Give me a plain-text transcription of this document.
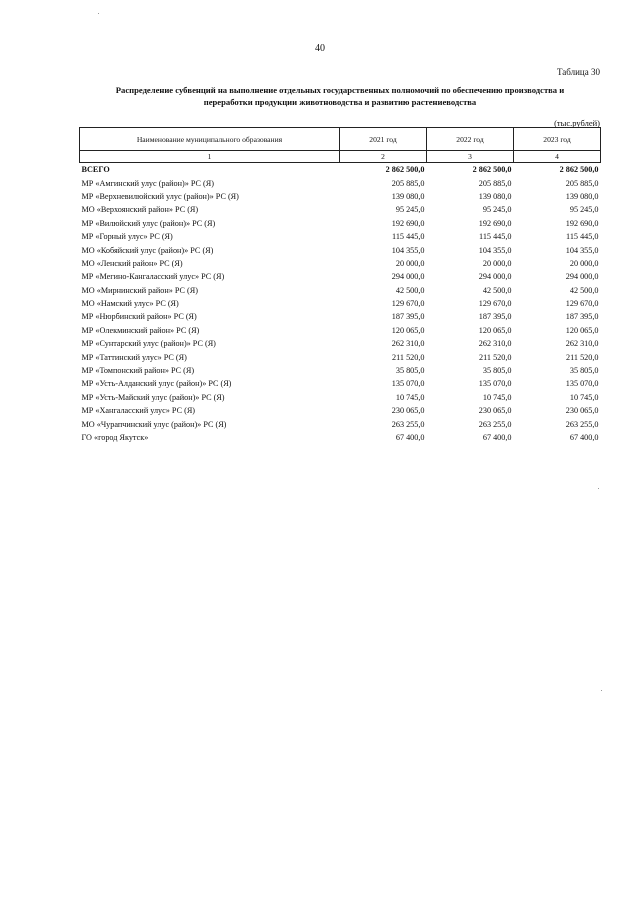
40
Таблица 30
Распределение субвенций на выполнение отдельных государственных полномочий по обеспечению производства и
переработки продукции животноводства и развитию растениеводства
(тыс.рублей)
Наименование муниципального образования	2021 год	2022 год	2023 год
1	2	3	4
ВСЕГО	2 862 500,0	2 862 500,0	2 862 500,0
МР «Амгинский улус (район)» РС (Я)	205 885,0	205 885,0	205 885,0
МР «Верхневилюйский улус (район)» РС (Я)	139 080,0	139 080,0	139 080,0
МО «Верхоянский район» РС (Я)	95 245,0	95 245,0	95 245,0
МР «Вилюйский улус (район)» РС (Я)	192 690,0	192 690,0	192 690,0
МР «Горный улус» РС (Я)	115 445,0	115 445,0	115 445,0
МО «Кобяйский улус (район)» РС (Я)	104 355,0	104 355,0	104 355,0
МО «Ленский район» РС (Я)	20 000,0	20 000,0	20 000,0
МР «Мегино-Кангаласский улус» РС (Я)	294 000,0	294 000,0	294 000,0
МО «Мирнинский район» РС (Я)	42 500,0	42 500,0	42 500,0
МО «Намский улус» РС (Я)	129 670,0	129 670,0	129 670,0
МР «Нюрбинский район» РС (Я)	187 395,0	187 395,0	187 395,0
МР «Олекминский район» РС (Я)	120 065,0	120 065,0	120 065,0
МР «Сунтарский улус (район)» РС (Я)	262 310,0	262 310,0	262 310,0
МР «Таттинский улус» РС (Я)	211 520,0	211 520,0	211 520,0
МР «Томпонский район» РС (Я)	35 805,0	35 805,0	35 805,0
МР «Усть-Алданский улус (район)» РС (Я)	135 070,0	135 070,0	135 070,0
МР «Усть-Майский улус (район)» РС (Я)	10 745,0	10 745,0	10 745,0
МР «Хангаласский улус» РС (Я)	230 065,0	230 065,0	230 065,0
МО «Чурапчинский улус (район)» РС (Я)	263 255,0	263 255,0	263 255,0
ГО «город Якутск»	67 400,0	67 400,0	67 400,0
